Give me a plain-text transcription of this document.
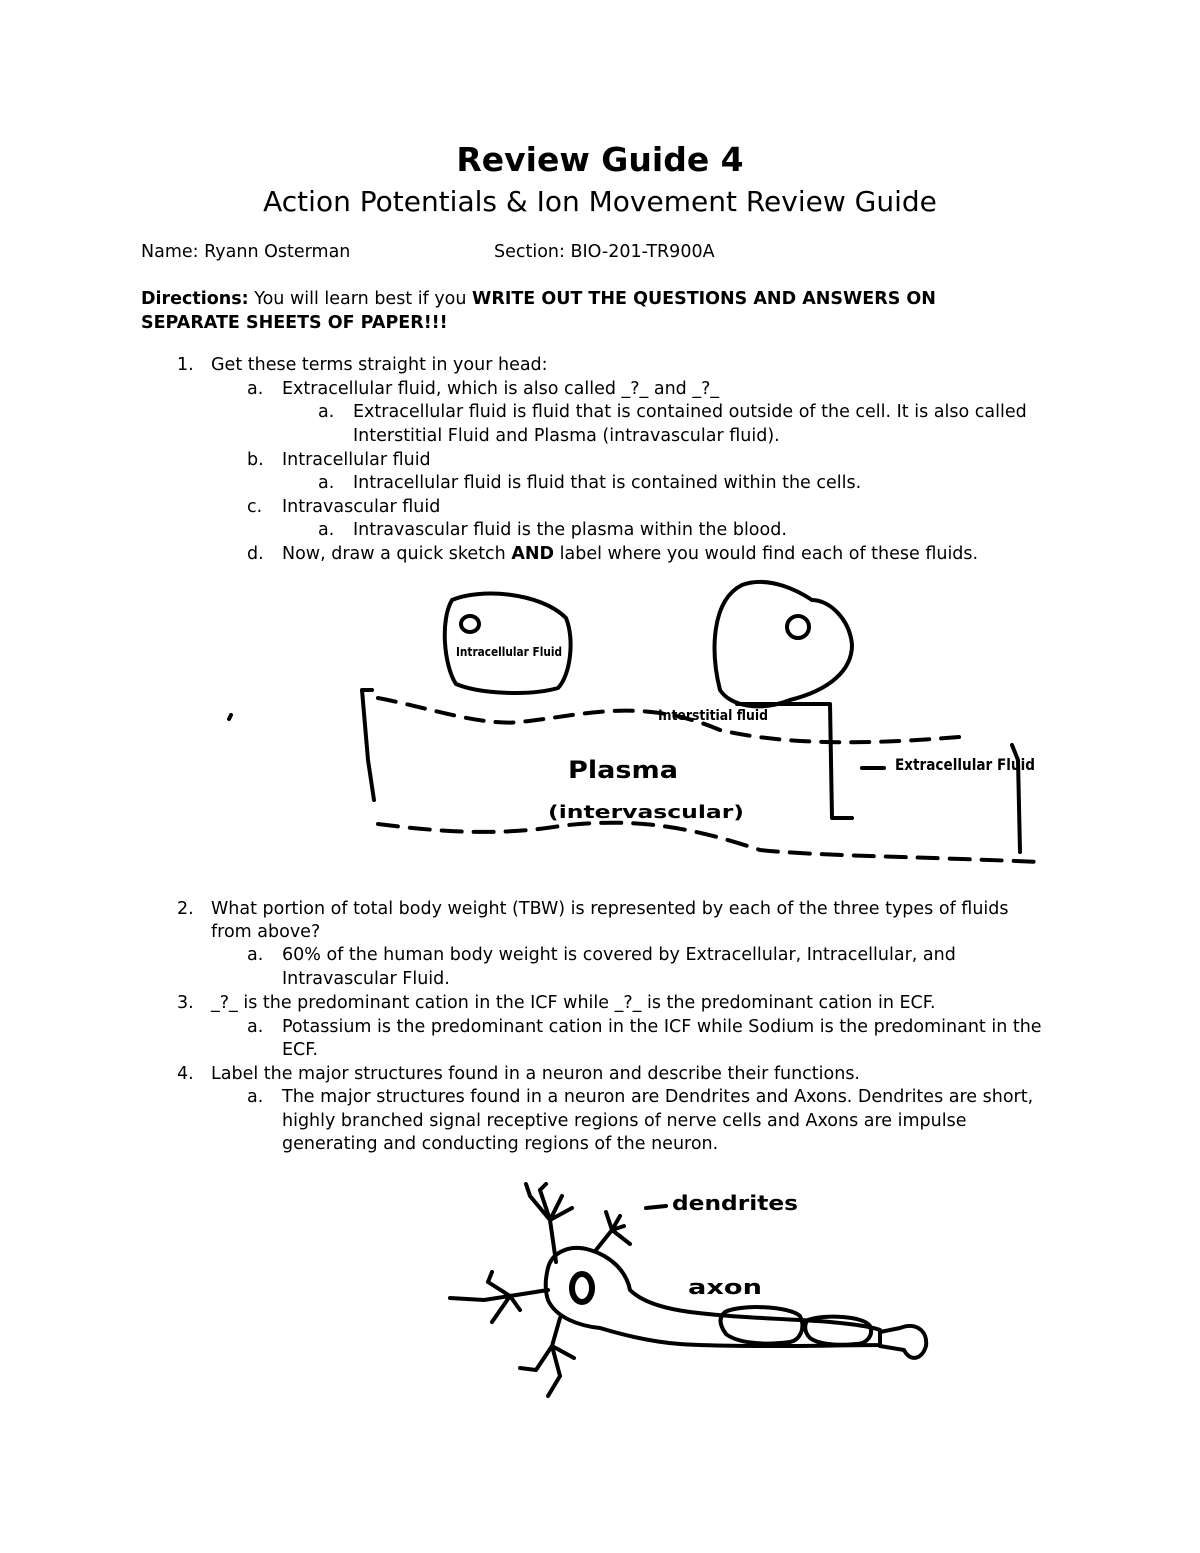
Review Guide 4
Action Potentials & Ion Movement Review Guide
Name: Ryann Osterman	Section: BIO-201-TR900A
Directions: You will learn best if you WRITE OUT THE QUESTIONS AND ANSWERS ON
SEPARATE SHEETS OF PAPER!!!
1. Get these terms straight in your head:
a. Extracellular fluid, which is also called _?_ and _?_
a. Extracellular fluid is fluid that is contained outside of the cell. It is also called
Interstitial Fluid and Plasma (intravascular fluid).
b. Intracellular fluid
a. Intracellular fluid is fluid that is contained within the cells.
c. Intravascular fluid
a. Intravascular fluid is the plasma within the blood.
d. Now, draw a quick sketch AND label where you would find each of these fluids.
Intracellular Fluid
Interstitial fluid
Plasma
(intervascular)
Extracellular Fluid
2. What portion of total body weight (TBW) is represented by each of the three types of fluids
from above?
a. 60% of the human body weight is covered by Extracellular, Intracellular, and
Intravascular Fluid.
3. _?_ is the predominant cation in the ICF while _?_ is the predominant cation in ECF.
a. Potassium is the predominant cation in the ICF while Sodium is the predominant in the
ECF.
4. Label the major structures found in a neuron and describe their functions.
a. The major structures found in a neuron are Dendrites and Axons. Dendrites are short,
highly branched signal receptive regions of nerve cells and Axons are impulse
generating and conducting regions of the neuron.
dendrites
axon
